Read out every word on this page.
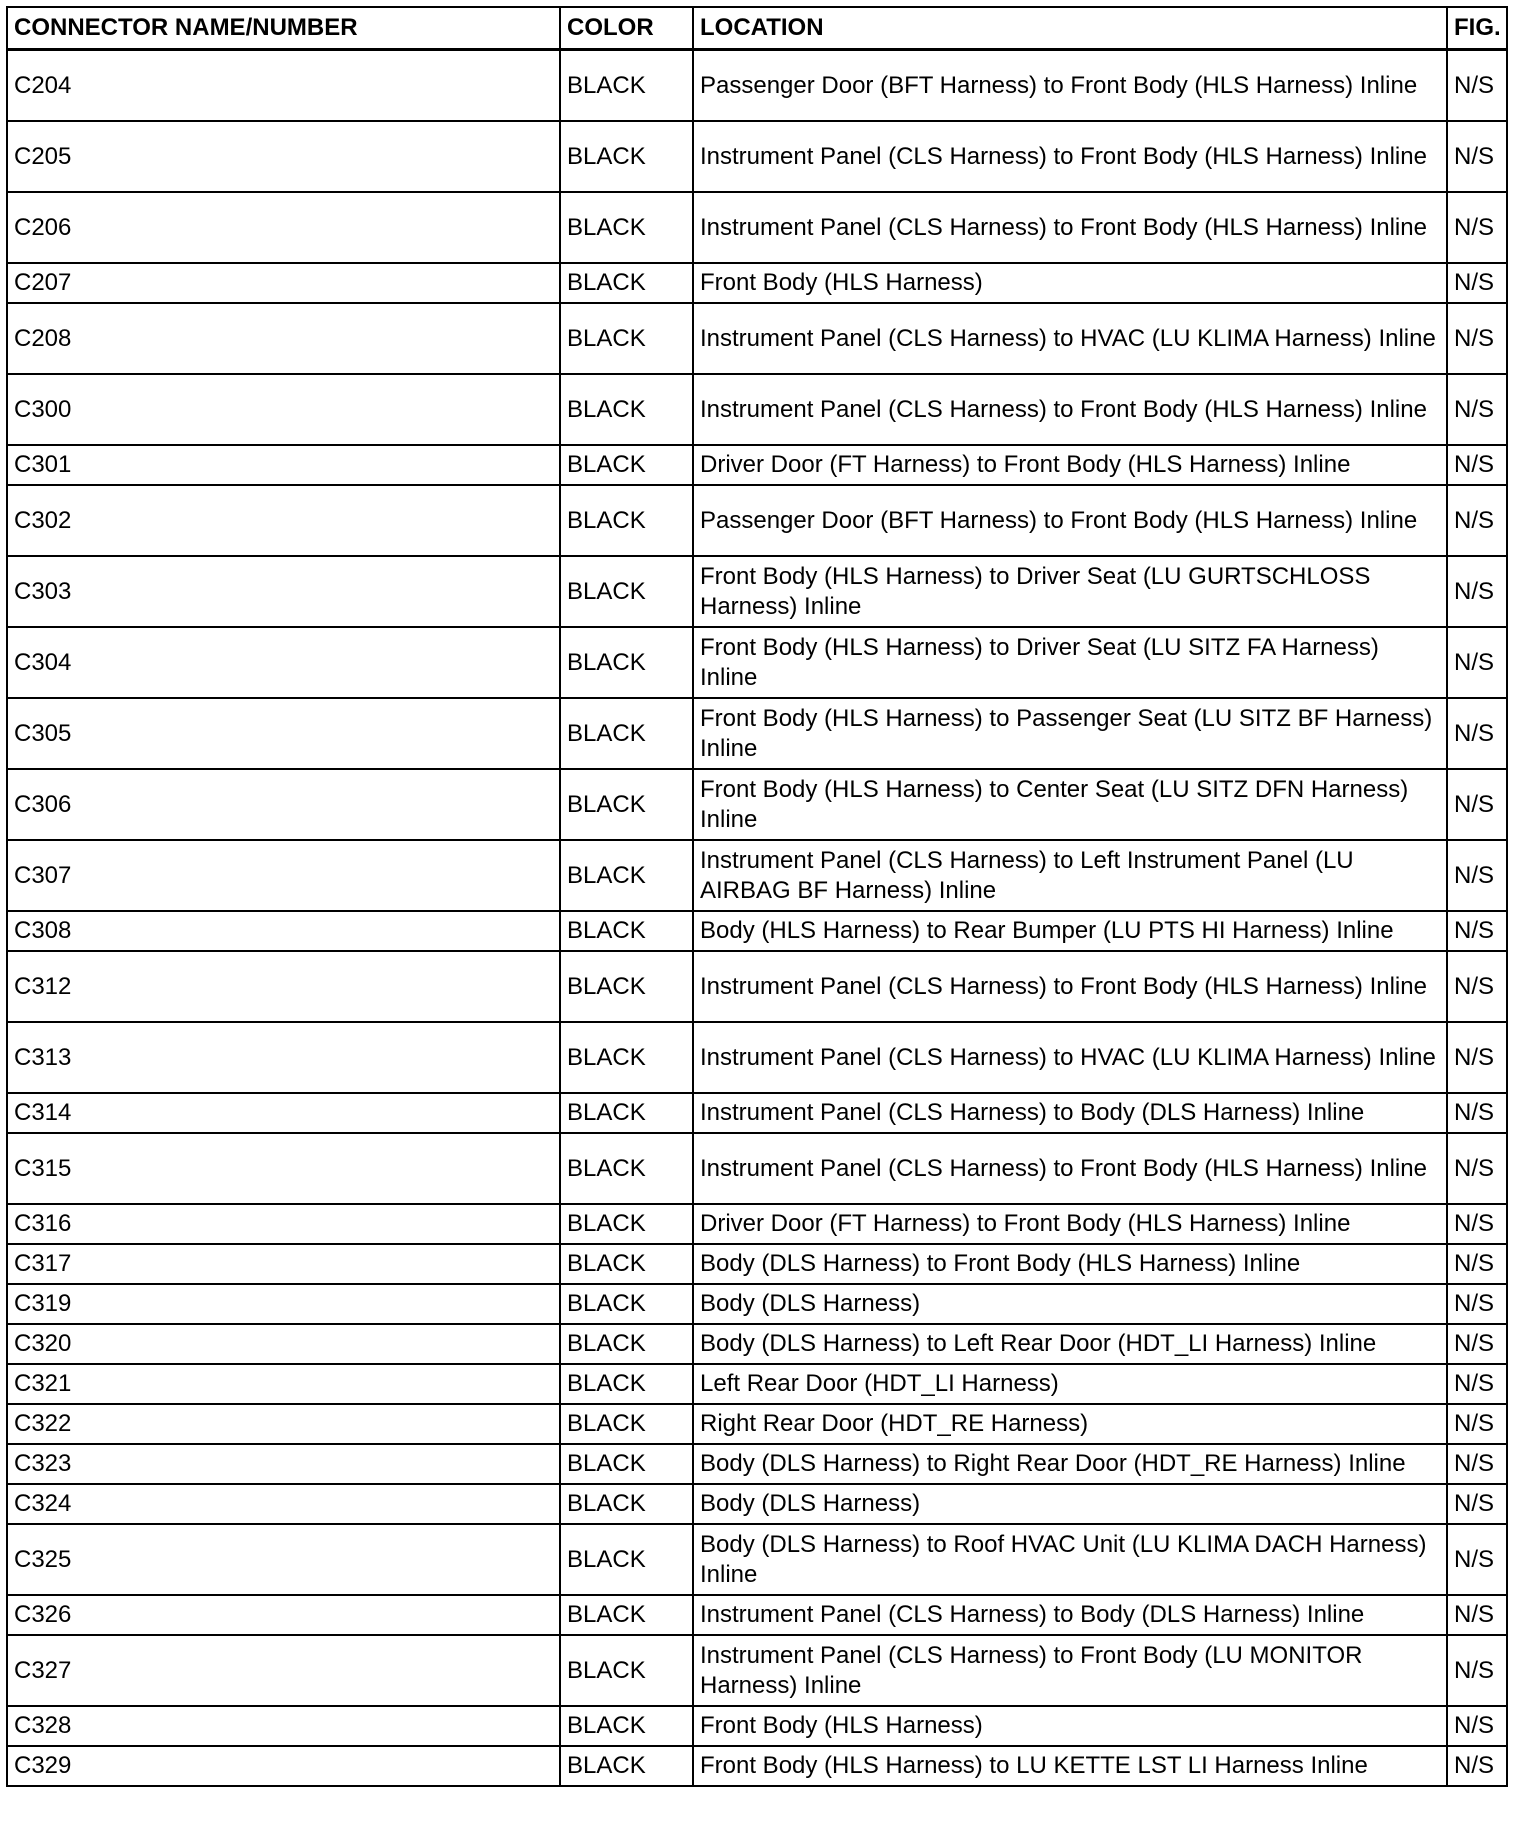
CONNECTOR NAME/NUMBER	COLOR	LOCATION	FIG.
C204	BLACK	Passenger Door (BFT Harness) to Front Body (HLS Harness) Inline	N/S
C205	BLACK	Instrument Panel (CLS Harness) to Front Body (HLS Harness) Inline	N/S
C206	BLACK	Instrument Panel (CLS Harness) to Front Body (HLS Harness) Inline	N/S
C207	BLACK	Front Body (HLS Harness)	N/S
C208	BLACK	Instrument Panel (CLS Harness) to HVAC (LU KLIMA Harness) Inline	N/S
C300	BLACK	Instrument Panel (CLS Harness) to Front Body (HLS Harness) Inline	N/S
C301	BLACK	Driver Door (FT Harness) to Front Body (HLS Harness) Inline	N/S
C302	BLACK	Passenger Door (BFT Harness) to Front Body (HLS Harness) Inline	N/S
C303	BLACK	Front Body (HLS Harness) to Driver Seat (LU GURTSCHLOSS Harness) Inline	N/S
C304	BLACK	Front Body (HLS Harness) to Driver Seat (LU SITZ FA Harness) Inline	N/S
C305	BLACK	Front Body (HLS Harness) to Passenger Seat (LU SITZ BF Harness) Inline	N/S
C306	BLACK	Front Body (HLS Harness) to Center Seat (LU SITZ DFN Harness) Inline	N/S
C307	BLACK	Instrument Panel (CLS Harness) to Left Instrument Panel (LU AIRBAG BF Harness) Inline	N/S
C308	BLACK	Body (HLS Harness) to Rear Bumper (LU PTS HI Harness) Inline	N/S
C312	BLACK	Instrument Panel (CLS Harness) to Front Body (HLS Harness) Inline	N/S
C313	BLACK	Instrument Panel (CLS Harness) to HVAC (LU KLIMA Harness) Inline	N/S
C314	BLACK	Instrument Panel (CLS Harness) to Body (DLS Harness) Inline	N/S
C315	BLACK	Instrument Panel (CLS Harness) to Front Body (HLS Harness) Inline	N/S
C316	BLACK	Driver Door (FT Harness) to Front Body (HLS Harness) Inline	N/S
C317	BLACK	Body (DLS Harness) to Front Body (HLS Harness) Inline	N/S
C319	BLACK	Body (DLS Harness)	N/S
C320	BLACK	Body (DLS Harness) to Left Rear Door (HDT_LI Harness) Inline	N/S
C321	BLACK	Left Rear Door (HDT_LI Harness)	N/S
C322	BLACK	Right Rear Door (HDT_RE Harness)	N/S
C323	BLACK	Body (DLS Harness) to Right Rear Door (HDT_RE Harness) Inline	N/S
C324	BLACK	Body (DLS Harness)	N/S
C325	BLACK	Body (DLS Harness) to Roof HVAC Unit (LU KLIMA DACH Harness) Inline	N/S
C326	BLACK	Instrument Panel (CLS Harness) to Body (DLS Harness) Inline	N/S
C327	BLACK	Instrument Panel (CLS Harness) to Front Body (LU MONITOR Harness) Inline	N/S
C328	BLACK	Front Body (HLS Harness)	N/S
C329	BLACK	Front Body (HLS Harness) to LU KETTE LST LI Harness Inline	N/S
